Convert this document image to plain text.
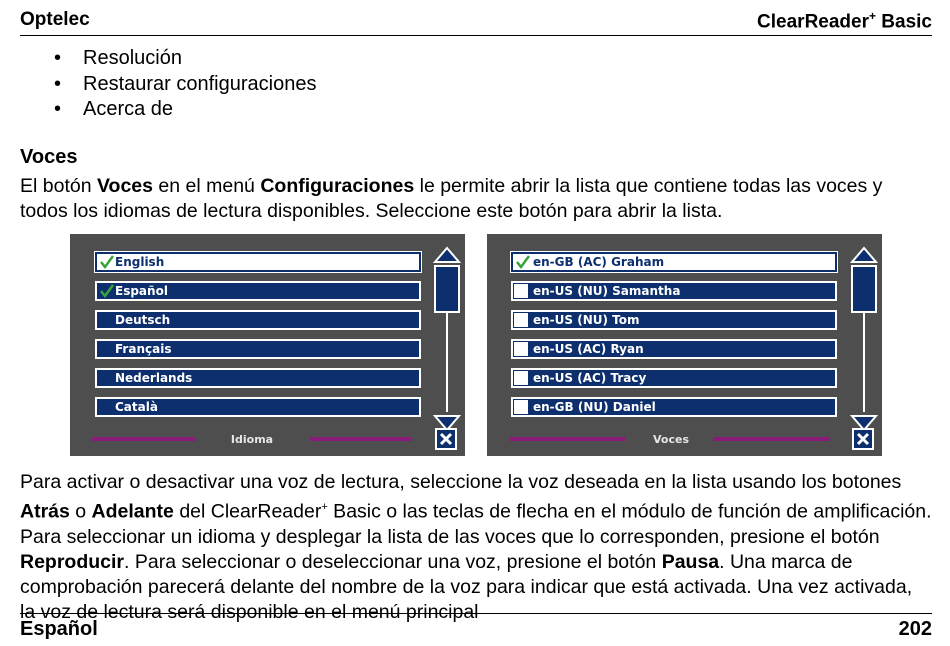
Optelec	ClearReader+ Basic
• Resolución
• Restaurar configuraciones
• Acerca de
Voces
El botón Voces en el menú Configuraciones le permite abrir la lista que contiene todas las voces y todos los idiomas de lectura disponibles. Seleccione este botón para abrir la lista.
English
Español
Deutsch
Français
Nederlands
Català
Idioma
en-GB (AC) Graham
en-US (NU) Samantha
en-US (NU) Tom
en-US (AC) Ryan
en-US (AC) Tracy
en-GB (NU) Daniel
Voces
Para activar o desactivar una voz de lectura, seleccione la voz deseada en la lista usando los botones Atrás o Adelante del ClearReader+ Basic o las teclas de flecha en el módulo de función de amplificación. Para seleccionar un idioma y desplegar la lista de las voces que lo corresponden, presione el botón Reproducir. Para seleccionar o deseleccionar una voz, presione el botón Pausa. Una marca de comprobación parecerá delante del nombre de la voz para indicar que está activada. Una vez activada, la voz de lectura será disponible en el menú principal
Español	202
